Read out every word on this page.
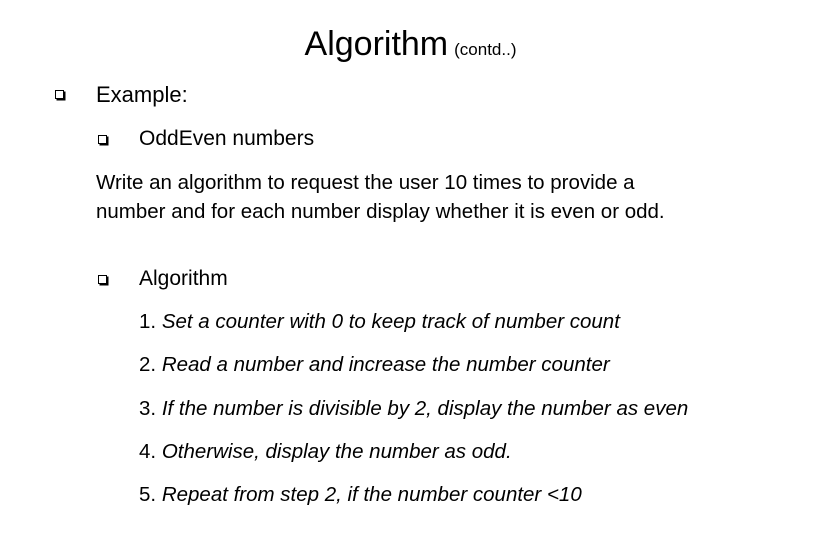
Algorithm (contd..)
Example:
OddEven numbers
Write an algorithm to request the user 10 times to provide a
number and for each number display whether it is even or odd.
Algorithm
1. Set a counter with 0 to keep track of number count
2. Read a number and increase the number counter
3. If the number is divisible by 2, display the number as even
4. Otherwise, display the number as odd.
5. Repeat from step 2, if the number counter <10
